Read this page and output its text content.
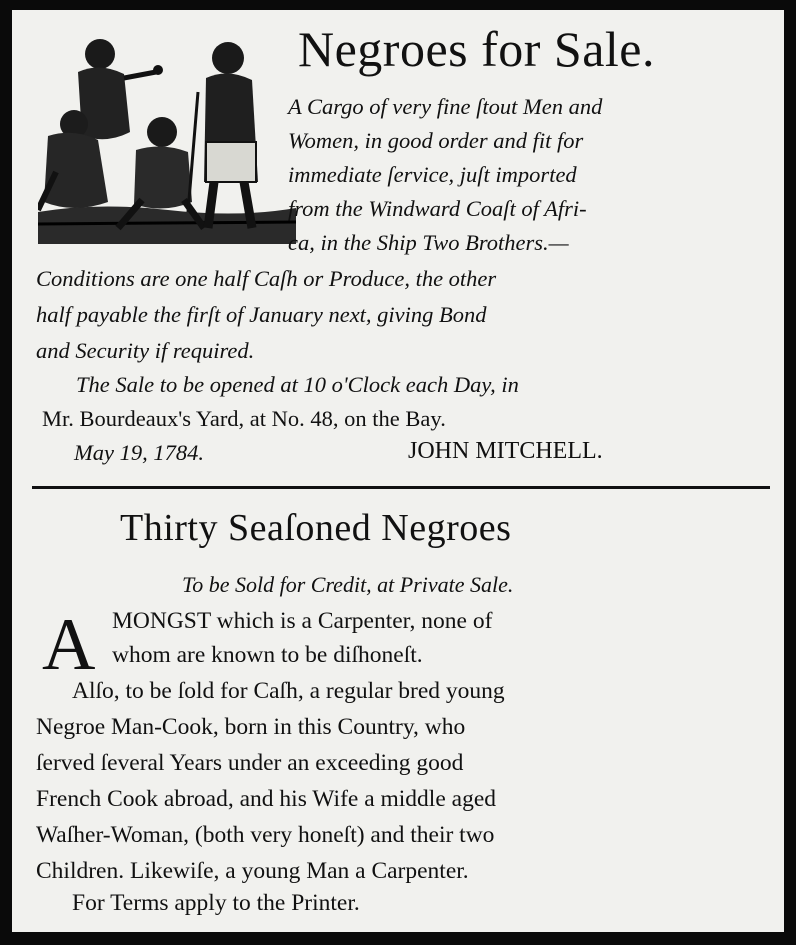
Negroes for Sale.
A Cargo of very fine ſtout Men and
Women, in good order and fit for
immediate ſervice, juſt imported
from the Windward Coaſt of Afri-
ca, in the Ship Two Brothers.—
Conditions are one half Caſh or Produce, the other
half payable the firſt of January next, giving Bond
and Security if required.
The Sale to be opened at 10 o'Clock each Day, in
Mr. Bourdeaux's Yard, at No. 48, on the Bay.
May 19, 1784.	JOHN MITCHELL.
Thirty Seaſoned Negroes
To be Sold for Credit, at Private Sale.
A MONGST which is a Carpenter, none of
whom are known to be diſhoneſt.
Alſo, to be ſold for Caſh, a regular bred young
Negroe Man-Cook, born in this Country, who
ſerved ſeveral Years under an exceeding good
French Cook abroad, and his Wife a middle aged
Waſher-Woman, (both very honeſt) and their two
Children. Likewiſe, a young Man a Carpenter.
For Terms apply to the Printer.
